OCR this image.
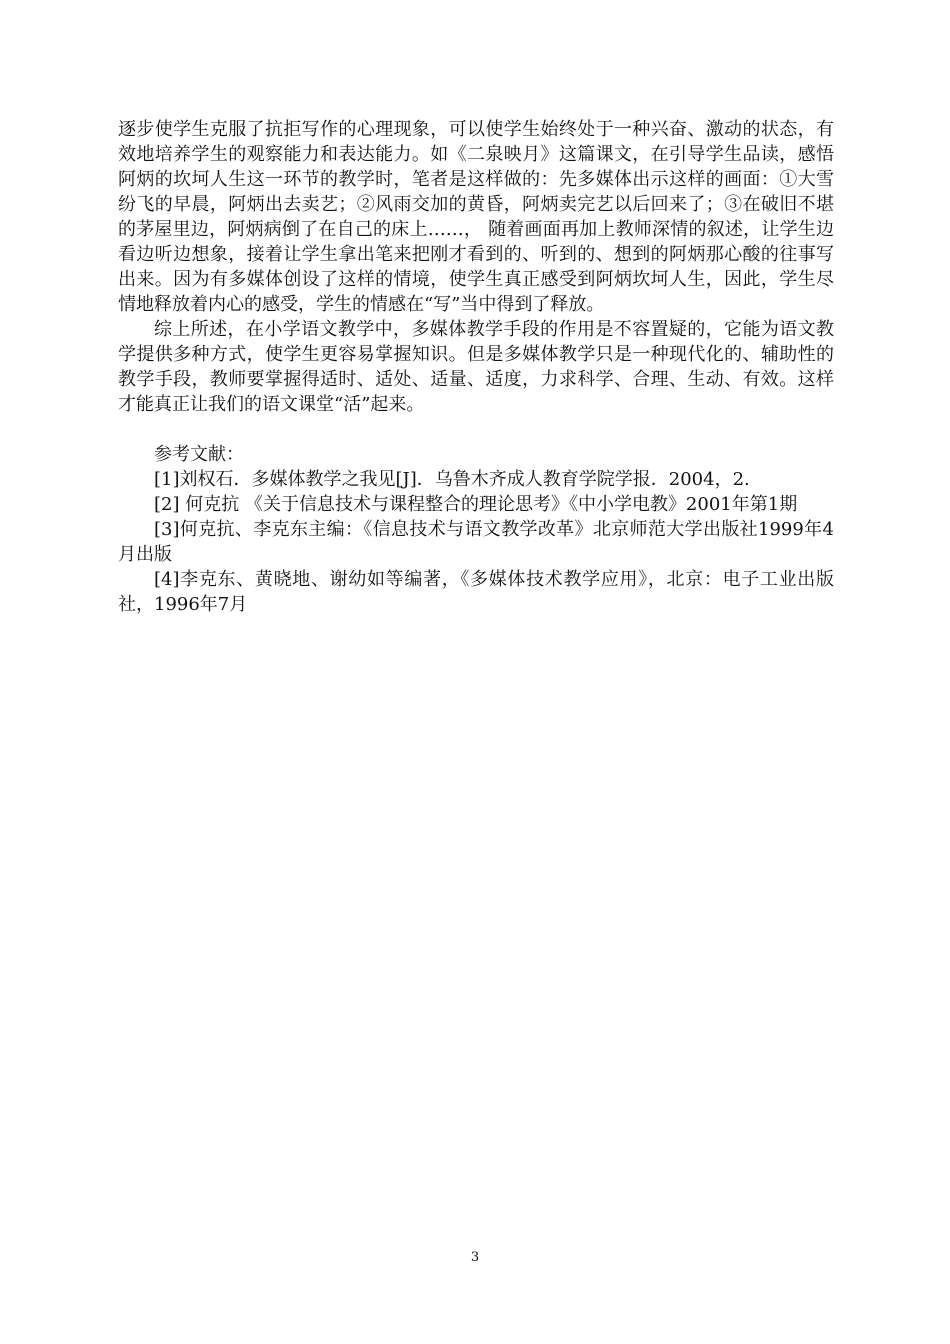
逐步使学生克服了抗拒写作的心理现象，可以使学生始终处于一种兴奋、激动的状态，有效地培养学生的观察能力和表达能力。如《二泉映月》这篇课文，在引导学生品读，感悟阿炳的坎坷人生这一环节的教学时，笔者是这样做的：先多媒体出示这样的画面：①大雪纷飞的早晨，阿炳出去卖艺；②风雨交加的黄昏，阿炳卖完艺以后回来了；③在破旧不堪的茅屋里边，阿炳病倒了在自己的床上……， 随着画面再加上教师深情的叙述，让学生边看边听边想象，接着让学生拿出笔来把刚才看到的、听到的、想到的阿炳那心酸的往事写出来。因为有多媒体创设了这样的情境，使学生真正感受到阿炳坎坷人生，因此，学生尽情地释放着内心的感受，学生的情感在“写”当中得到了释放。

综上所述，在小学语文教学中，多媒体教学手段的作用是不容置疑的，它能为语文教学提供多种方式，使学生更容易掌握知识。但是多媒体教学只是一种现代化的、辅助性的教学手段，教师要掌握得适时、适处、适量、适度，力求科学、合理、生动、有效。这样才能真正让我们的语文课堂“活”起来。

参考文献：

[1]刘权石．多媒体教学之我见[J]．乌鲁木齐成人教育学院学报．2004，2.

[2] 何克抗 《关于信息技术与课程整合的理论思考》《中小学电教》2001年第1期

[3]何克抗、李克东主编：《信息技术与语文教学改革》北京师范大学出版社1999年4月出版

[4]李克东、黄晓地、谢幼如等编著，《多媒体技术教学应用》，北京：电子工业出版社，1996年7月

3
